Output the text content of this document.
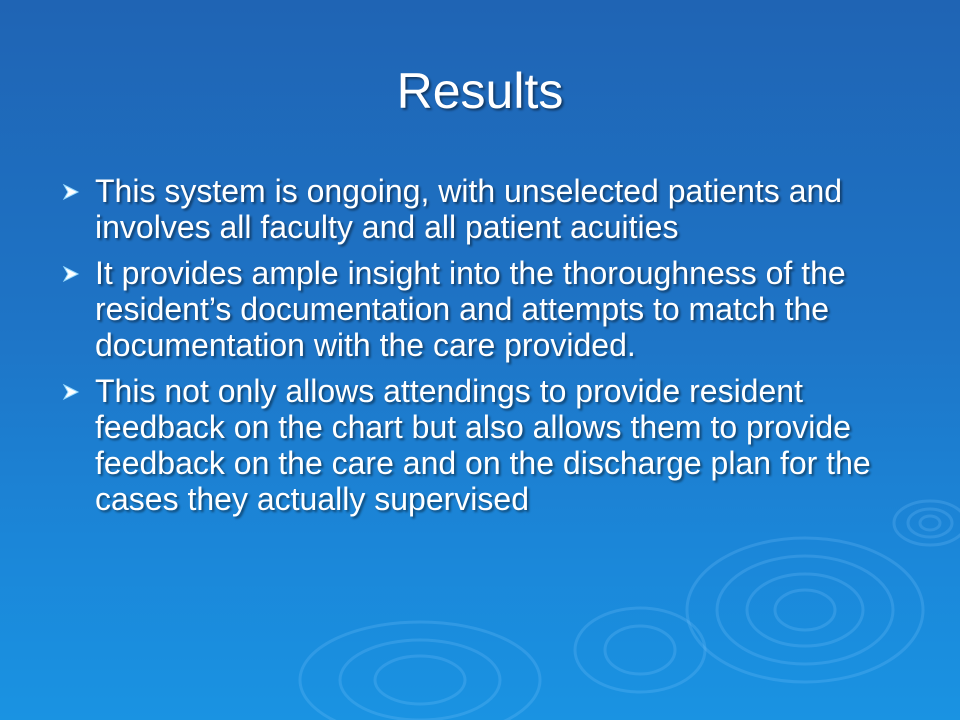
Results
This system is ongoing, with unselected patients and involves all faculty and all patient acuities
It provides ample insight into the thoroughness of the resident’s documentation and attempts to match the documentation with the care provided.
This not only allows attendings to provide resident feedback on the chart but also allows them to provide feedback on the care and on the discharge plan for the cases they actually supervised
